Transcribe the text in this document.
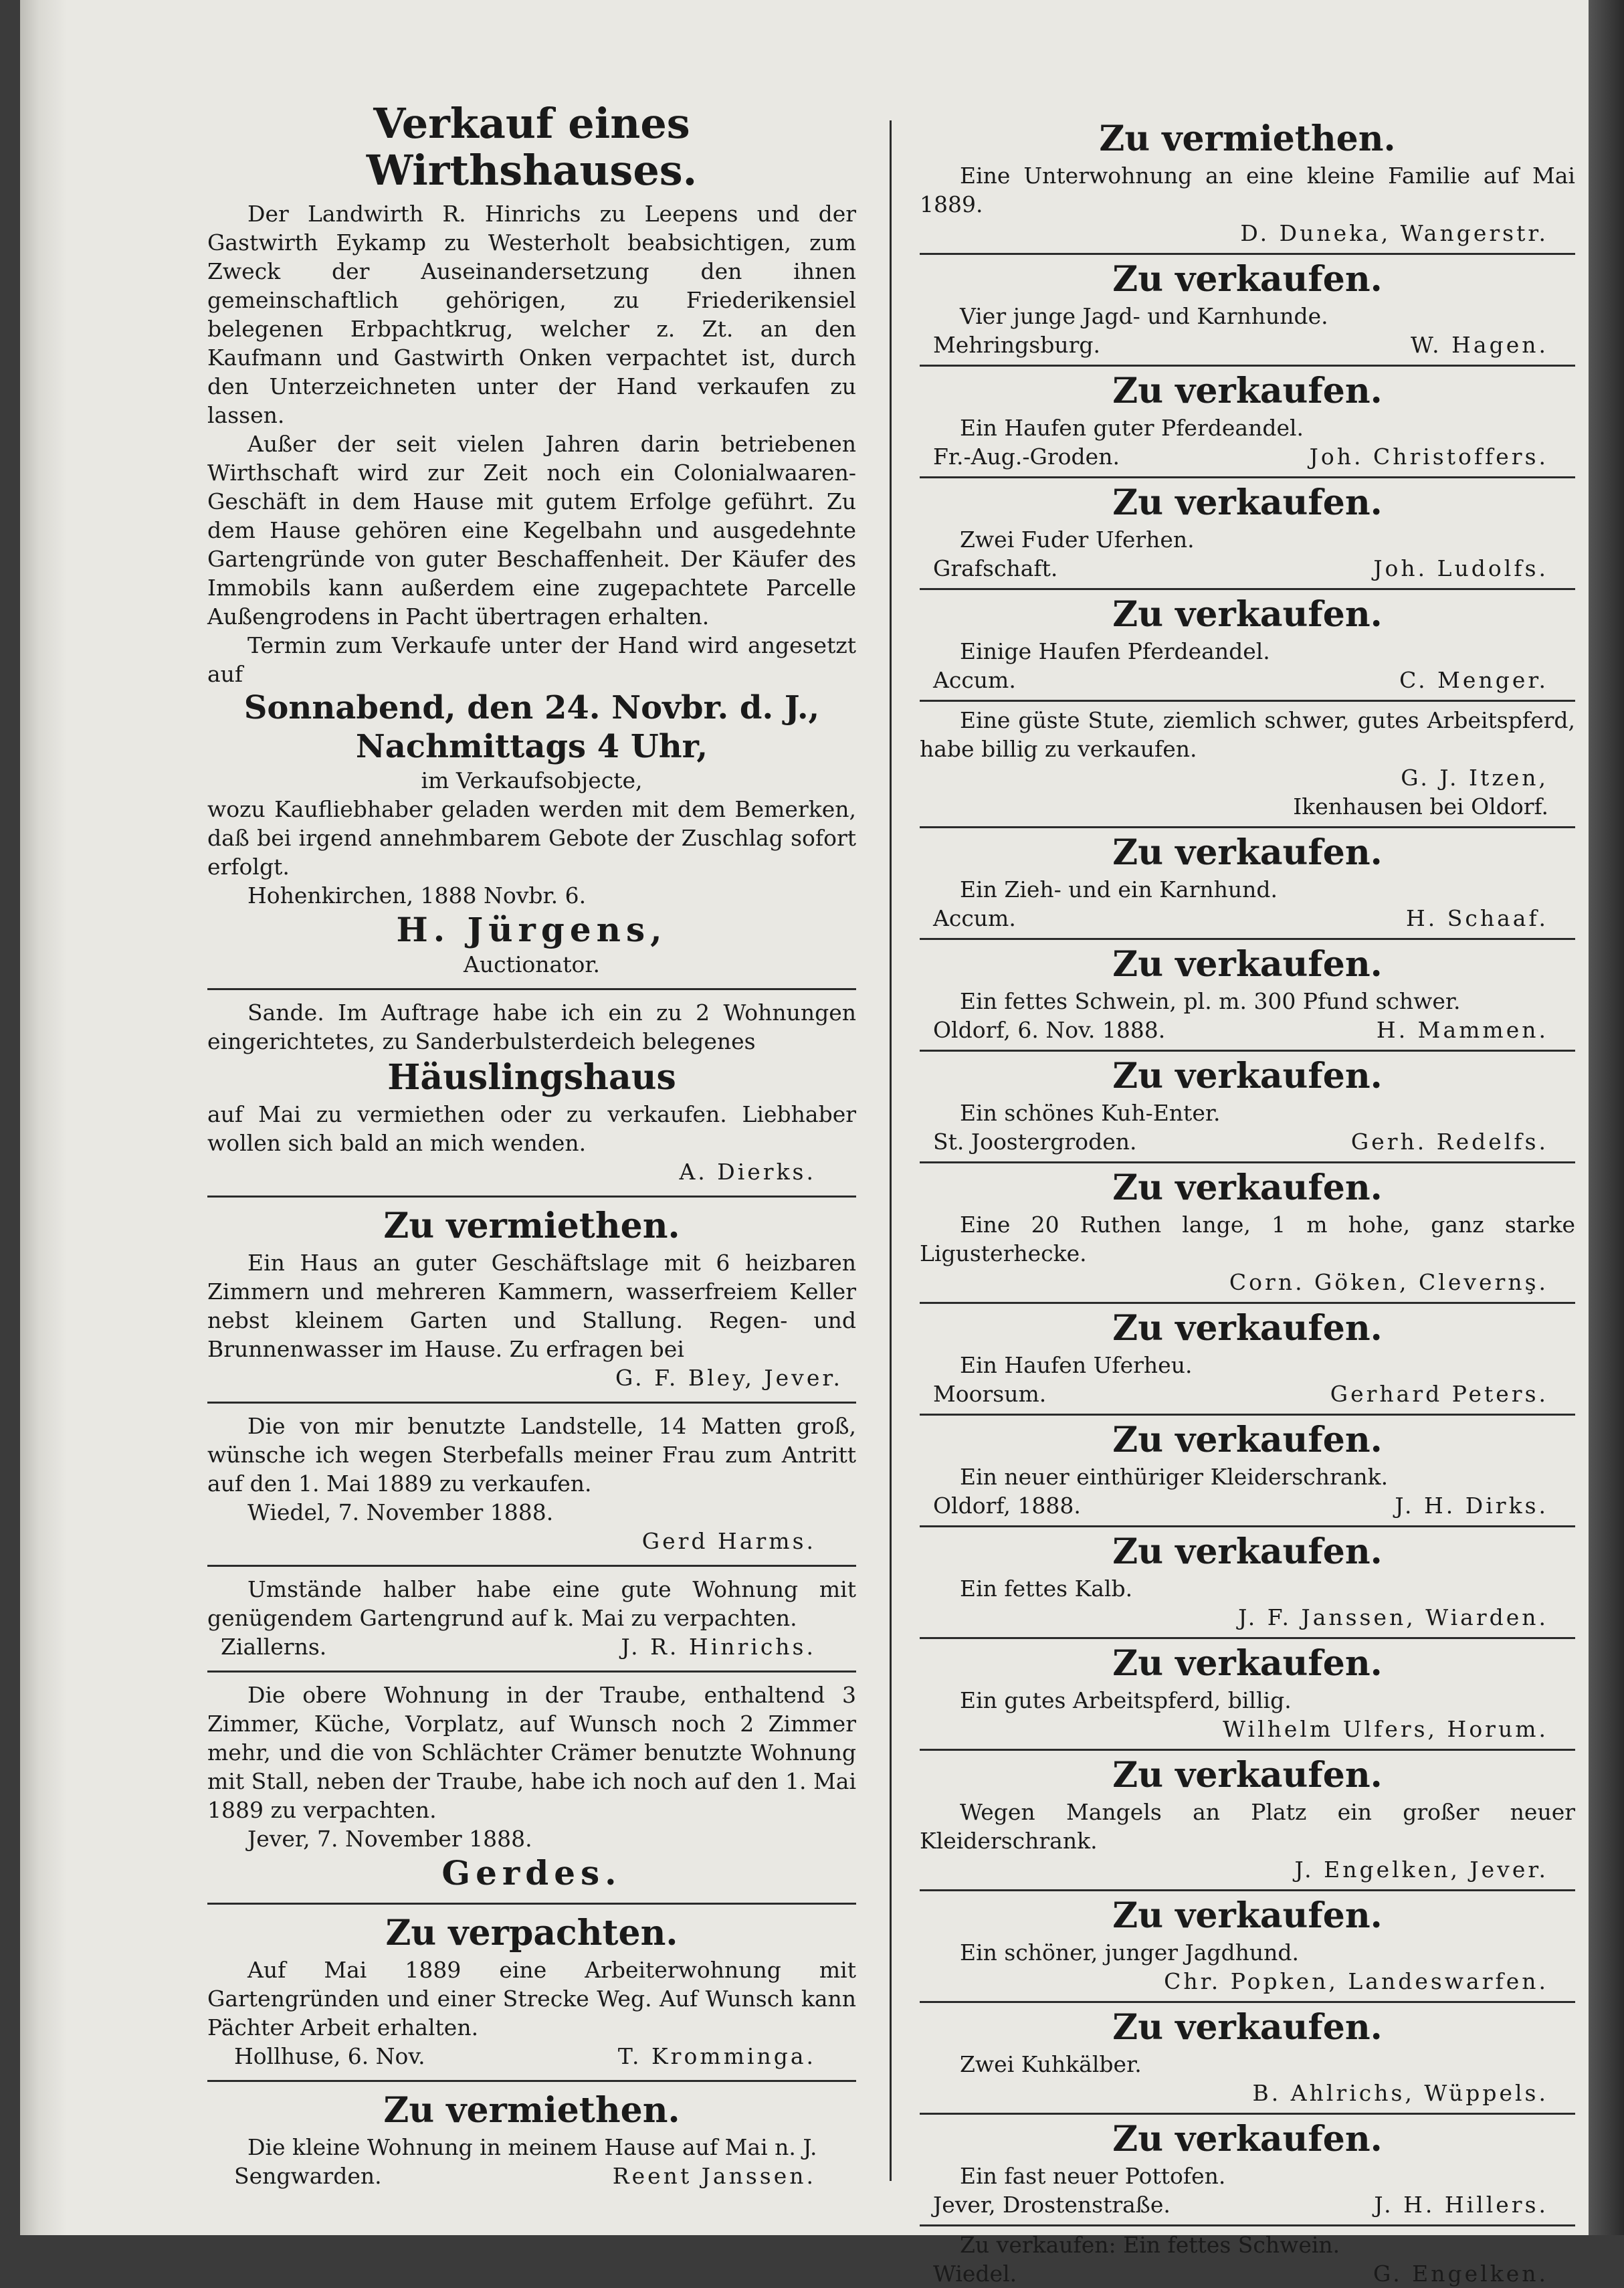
Verkauf eines Wirthshauses.

Der Landwirth R. Hinrichs zu Leepens und der Gastwirth Eykamp zu Westerholt beabsichtigen, zum Zweck der Auseinandersetzung den ihnen gemeinschaftlich gehörigen, zu Friederikensiel belegenen Erbpachtkrug, welcher z. Zt. an den Kaufmann und Gastwirth Onken verpachtet ist, durch den Unterzeichneten unter der Hand verkaufen zu lassen.

Außer der seit vielen Jahren darin betriebenen Wirthschaft wird zur Zeit noch ein Colonialwaaren-Geschäft in dem Hause mit gutem Erfolge geführt. Zu dem Hause gehören eine Kegelbahn und ausgedehnte Gartengründe von guter Beschaffenheit. Der Käufer des Immobils kann außerdem eine zugepachtete Parcelle Außengrodens in Pacht übertragen erhalten.

Termin zum Verkaufe unter der Hand wird angesetzt auf

Sonnabend, den 24. Novbr. d. J.,
Nachmittags 4 Uhr,

im Verkaufsobjecte,

wozu Kaufliebhaber geladen werden mit dem Bemerken, daß bei irgend annehmbarem Gebote der Zuschlag sofort erfolgt.

Hohenkirchen, 1888 Novbr. 6.

H. Jürgens,

Auctionator.

Sande. Im Auftrage habe ich ein zu 2 Wohnungen eingerichtetes, zu Sanderbulsterdeich belegenes

Häuslingshaus

auf Mai zu vermiethen oder zu verkaufen. Liebhaber wollen sich bald an mich wenden.

A. Dierks.

Zu vermiethen.

Ein Haus an guter Geschäftslage mit 6 heizbaren Zimmern und mehreren Kammern, wasserfreiem Keller nebst kleinem Garten und Stallung. Regen- und Brunnenwasser im Hause. Zu erfragen bei

G. F. Bley, Jever.

Die von mir benutzte Landstelle, 14 Matten groß, wünsche ich wegen Sterbefalls meiner Frau zum Antritt auf den 1. Mai 1889 zu verkaufen.

Wiedel, 7. November 1888.

Gerd Harms.

Umstände halber habe eine gute Wohnung mit genügendem Gartengrund auf k. Mai zu verpachten.

Ziallerns.	J. R. Hinrichs.

Die obere Wohnung in der Traube, enthaltend 3 Zimmer, Küche, Vorplatz, auf Wunsch noch 2 Zimmer mehr, und die von Schlächter Crämer benutzte Wohnung mit Stall, neben der Traube, habe ich noch auf den 1. Mai 1889 zu verpachten.

Jever, 7. November 1888.

Gerdes.
Zu verpachten.

Auf Mai 1889 eine Arbeiterwohnung mit Gartengründen und einer Strecke Weg. Auf Wunsch kann Pächter Arbeit erhalten.

Hollhuse, 6. Nov.	T. Kromminga.
Zu vermiethen.

Die kleine Wohnung in meinem Hause auf Mai n. J.

Sengwarden.	Reent Janssen.
Zu vermiethen.

Eine Unterwohnung an eine kleine Familie auf Mai 1889.

D. Duneka, Wangerstr.
Zu verkaufen.

Vier junge Jagd- und Karnhunde.

Mehringsburg.	W. Hagen.
Zu verkaufen.

Ein Haufen guter Pferdeandel.

Fr.-Aug.-Groden.	Joh. Christoffers.
Zu verkaufen.

Zwei Fuder Uferhen.

Grafschaft.	Joh. Ludolfs.
Zu verkaufen.

Einige Haufen Pferdeandel.

Accum.	C. Menger.

Eine güste Stute, ziemlich schwer, gutes Arbeitspferd, habe billig zu verkaufen.

G. J. Itzen,

Ikenhausen bei Oldorf.

Zu verkaufen.

Ein Zieh- und ein Karnhund.

Accum.	H. Schaaf.
Zu verkaufen.

Ein fettes Schwein, pl. m. 300 Pfund schwer.

Oldorf, 6. Nov. 1888.	H. Mammen.
Zu verkaufen.

Ein schönes Kuh-Enter.

St. Joostergroden.	Gerh. Redelfs.
Zu verkaufen.

Eine 20 Ruthen lange, 1 m hohe, ganz starke Ligusterhecke.

Corn. Göken, Clevernş.
Zu verkaufen.

Ein Haufen Uferheu.

Moorsum.	Gerhard Peters.
Zu verkaufen.

Ein neuer einthüriger Kleiderschrank.

Oldorf, 1888.	J. H. Dirks.
Zu verkaufen.

Ein fettes Kalb.

J. F. Janssen, Wiarden.
Zu verkaufen.

Ein gutes Arbeitspferd, billig.

Wilhelm Ulfers, Horum.
Zu verkaufen.

Wegen Mangels an Platz ein großer neuer Kleiderschrank.

J. Engelken, Jever.
Zu verkaufen.

Ein schöner, junger Jagdhund.

Chr. Popken, Landeswarfen.
Zu verkaufen.

Zwei Kuhkälber.

B. Ahlrichs, Wüppels.
Zu verkaufen.

Ein fast neuer Pottofen.

Jever, Drostenstraße.	J. H. Hillers.

Zu verkaufen: Ein fettes Schwein.

Wiedel.	G. Engelken.
